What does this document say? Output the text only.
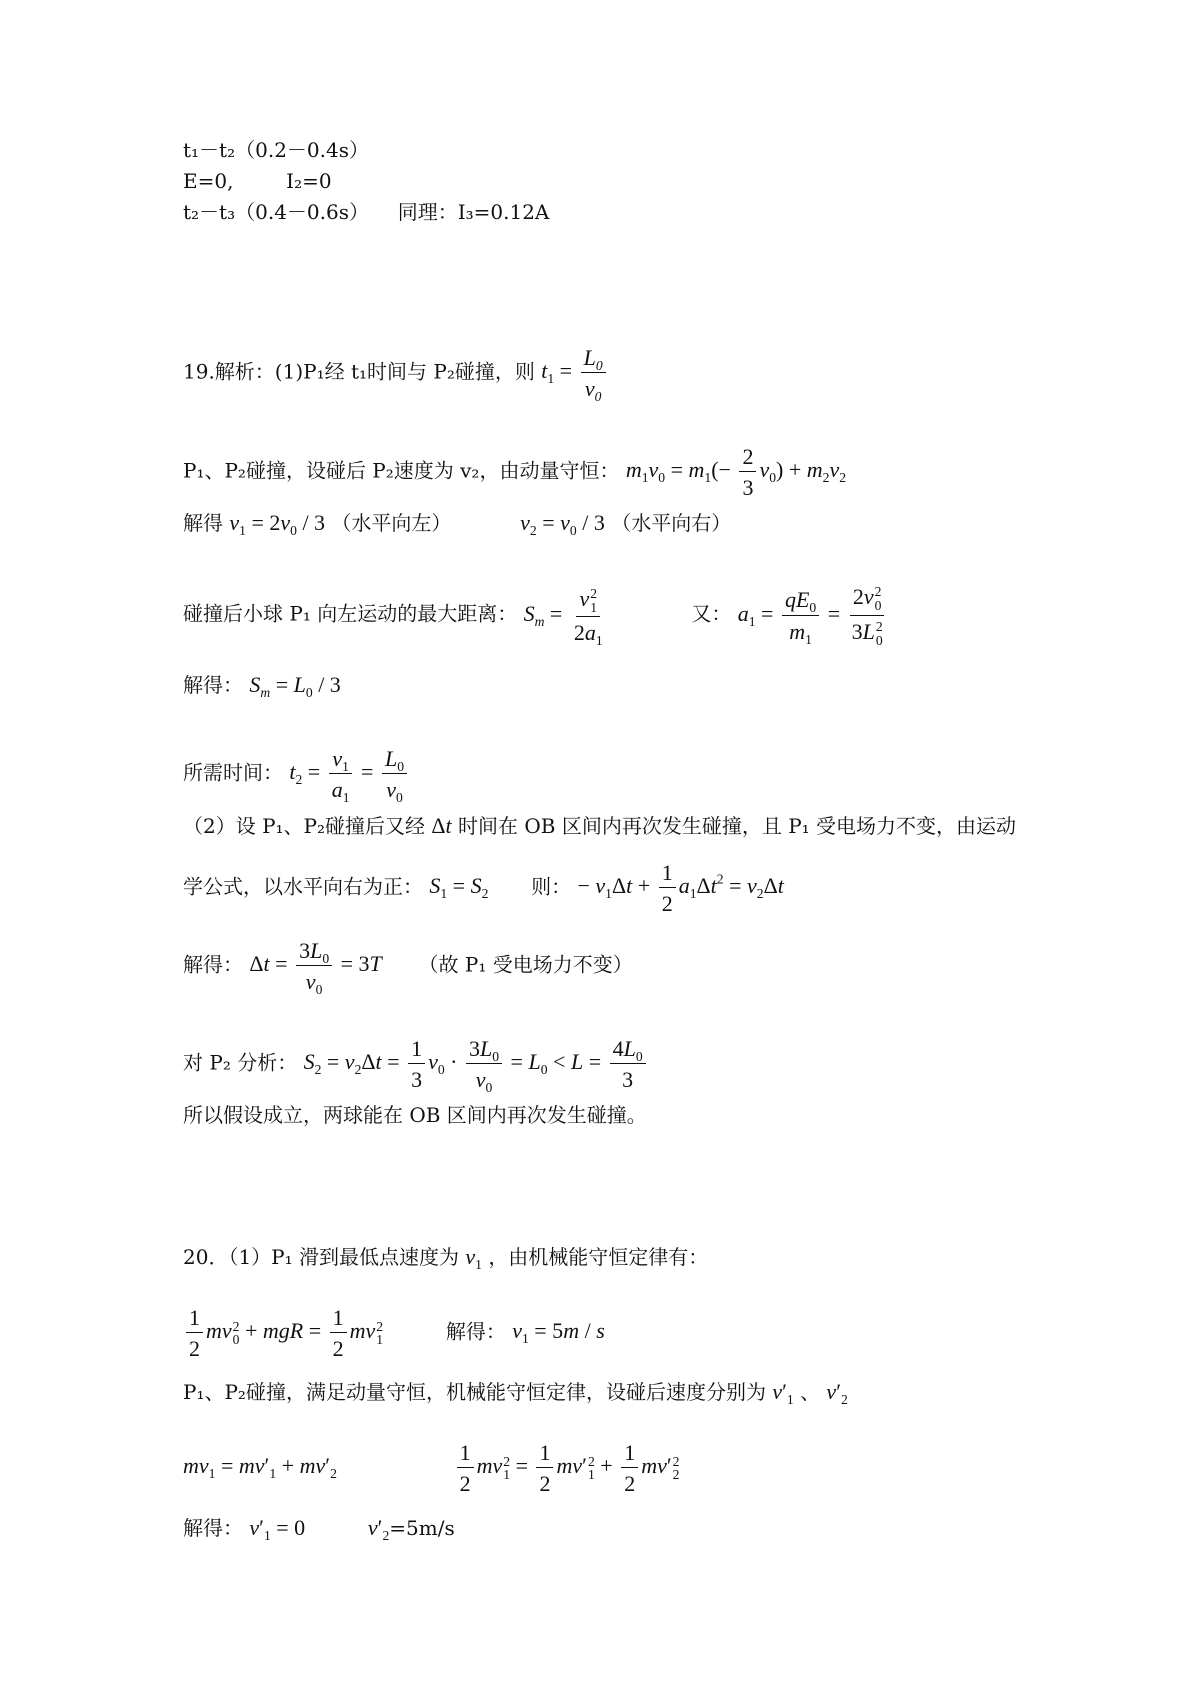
t₁－t₂（0.2－0.4s）
E=0,	I₂=0
t₂－t₃（0.4－0.6s） 同理：I₃=0.12A
19.解析：(1)P₁经 t₁时间与 P₂碰撞，则 $t_1 = \frac{L_0}{v_0}$
P₁、P₂碰撞，设碰后 P₂速度为 v₂，由动量守恒： $m_1v_0 = m_1(- \frac{2}{3} v_0) + m_2v_2$
解得 $v_1 = 2v_0 / 3$ （水平向左）	$v_2 = v_0 / 3$ （水平向右）
碰撞后小球 P₁ 向左运动的最大距离： $S_m = v$ 2
1
$2a_1$	又： $a_1 = \frac{qE_0}{m_1} = 2v$ 2
0
3L 2
0
解得： $S_m = L_0 / 3$
所需时间： $t_2 = \frac{v_1}{a_1} = \frac{L_0}{v_0}$
（2）设 P₁、P₂碰撞后又经 Δt 时间在 OB 区间内再次发生碰撞，且 P₁ 受电场力不变，由运动
学公式，以水平向右为正： $S_1 = S_2$ 则： − $v_1\Delta t + \frac{1}{2} a_1\Delta t^2 = v_2\Delta t$
解得： $\Delta t = \frac{3L_0}{v_0} = 3T$ （故 P₁ 受电场力不变）
对 P₂ 分析： $S_2 = v_2\Delta t = \frac{1}{3} v_0 \cdot \frac{3L_0}{v_0} = L_0 < L = \frac{4L_0}{3}$
所以假设成立，两球能在 OB 区间内再次发生碰撞。
20．（1）P₁ 滑到最低点速度为 $v_1$ ，由机械能守恒定律有：
$\frac{1}{2}$ mv 2
0 + mgR = $\frac{1}{2}$ mv 2
1	解得： $v_1 = 5m / s$
P₁、P₂碰撞，满足动量守恒，机械能守恒定律，设碰后速度分别为 $v'_1$ 、 $v'_2$
$mv_1 = mv'_1 + mv'_2$	$\frac{1}{2}$ mv 2
$1 = \frac{1}{2} mv'$ 2
$1 + \frac{1}{2} mv'$ 2
2
解得： $v'_1 = 0$	$v'_2=5m/s$
